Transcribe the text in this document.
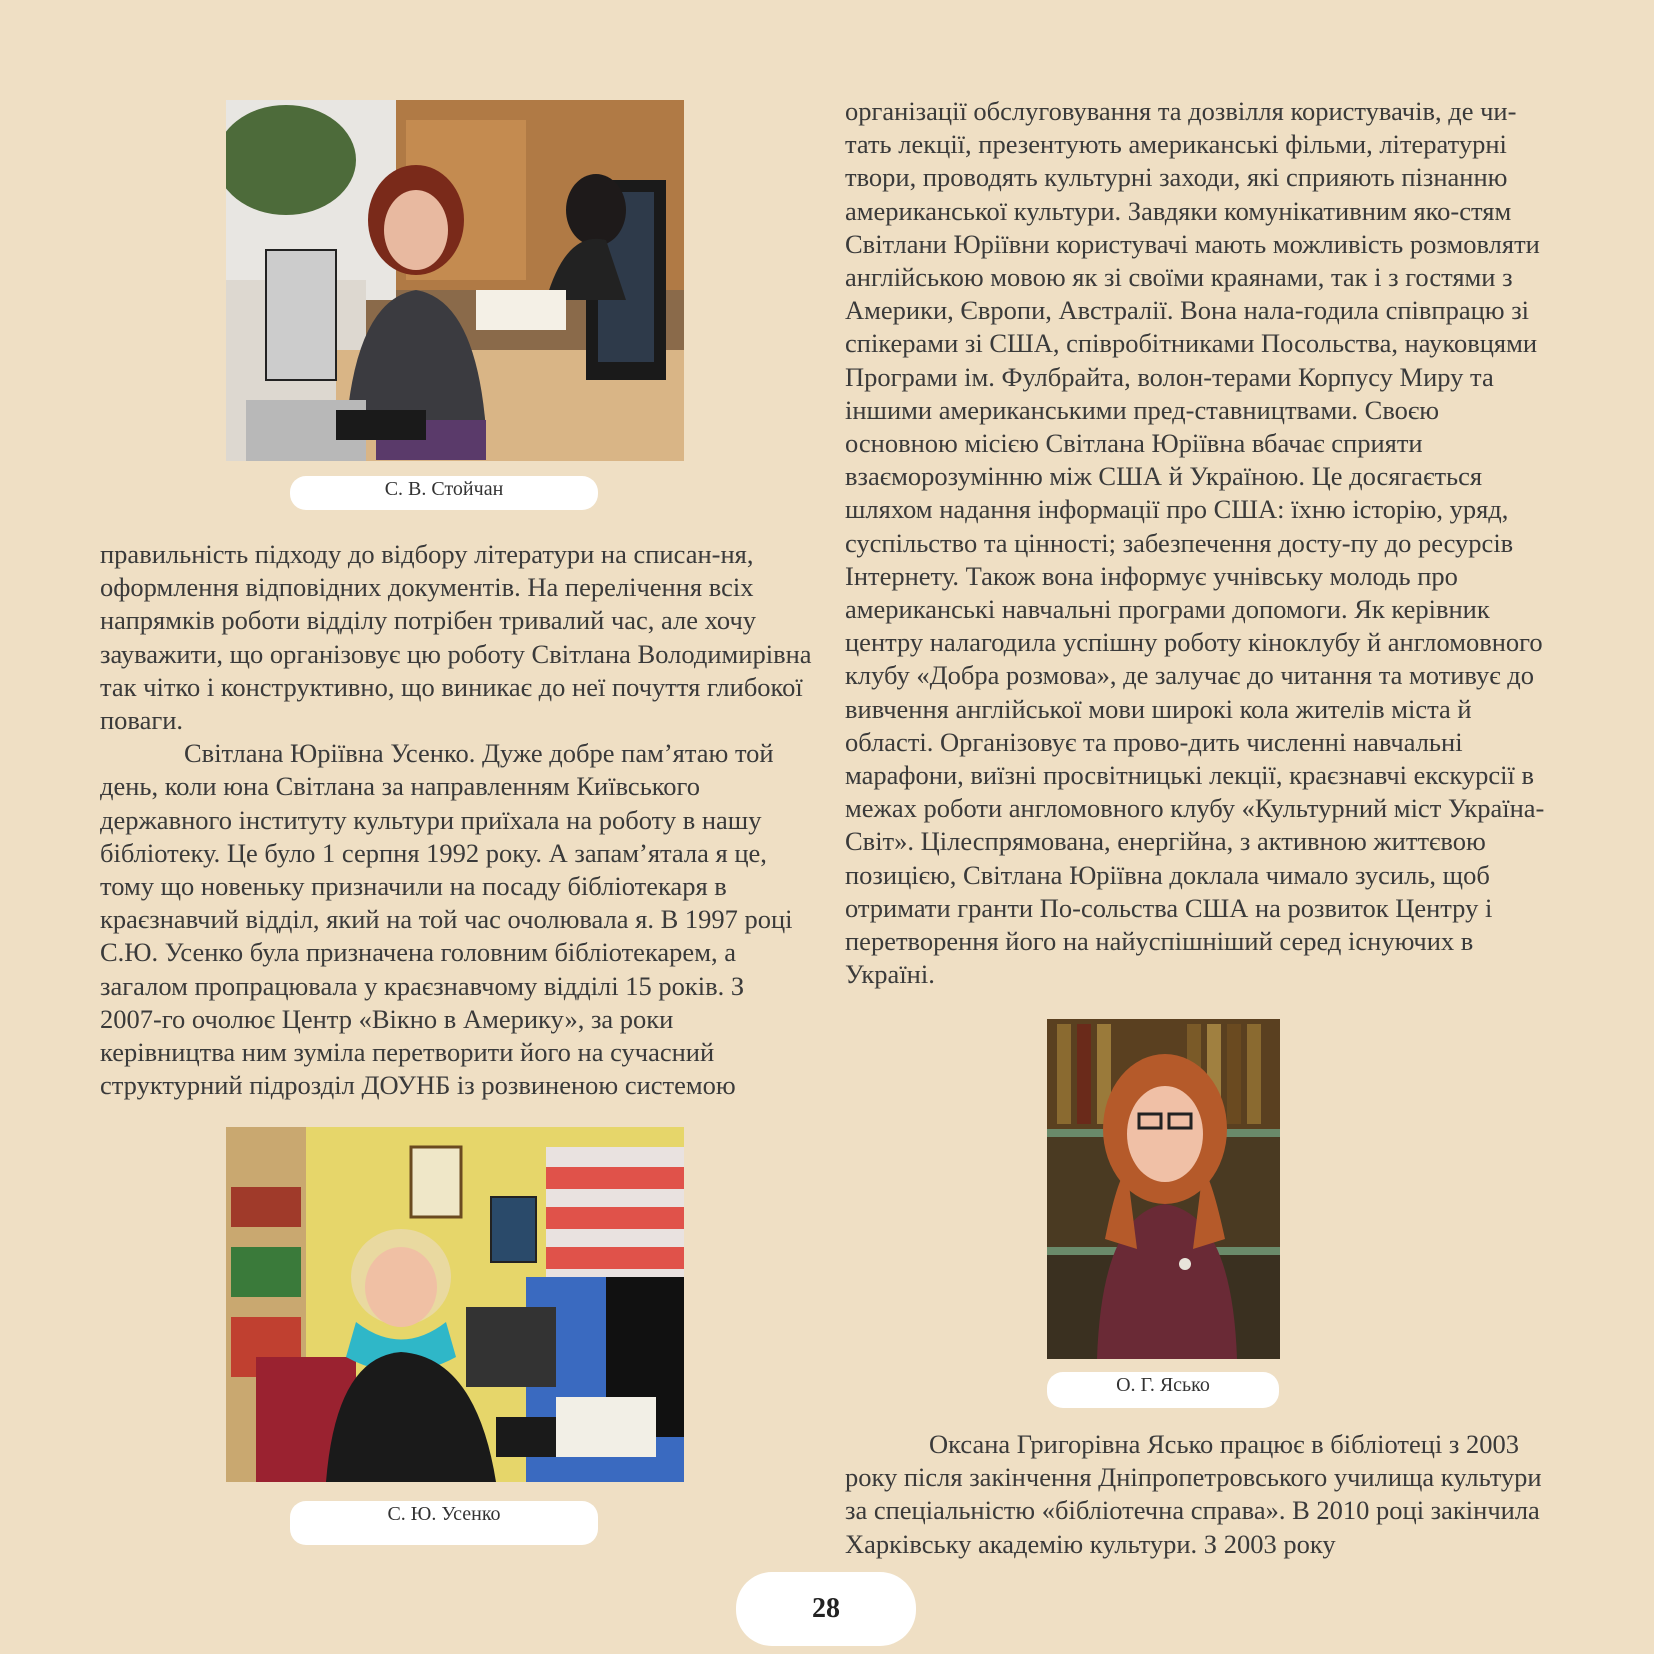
С. В. Стойчан
С. Ю. Усенко
О. Г. Ясько

правильність підходу до відбору літератури на списан-ня, оформлення відповідних документів. На перелічення всіх напрямків роботи відділу потрібен тривалий час, але хочу зауважити, що організовує цю роботу Світлана Володимирівна так чітко і конструктивно, що виникає до неї почуття глибокої поваги.

Світлана Юріївна Усенко. Дуже добре пам’ятаю той день, коли юна Світлана за направленням Київського державного інституту культури приїхала на роботу в нашу бібліотеку. Це було 1 серпня 1992 року. А запам’ятала я це, тому що новеньку призначили на посаду бібліотекаря в краєзнавчий відділ, який на той час очолювала я. В 1997 році С.Ю. Усенко була призначена головним бібліотекарем, а загалом пропрацювала у краєзнавчому відділі 15 років. З 2007-го очолює Центр «Вікно в Америку», за роки керівництва ним зуміла перетворити його на сучасний структурний підрозділ ДОУНБ із розвиненою системою

організації обслуговування та дозвілля користувачів, де чи-тать лекції, презентують американські фільми, літературні твори, проводять культурні заходи, які сприяють пізнанню американської культури. Завдяки комунікативним яко-стям Світлани Юріївни користувачі мають можливість розмовляти англійською мовою як зі своїми краянами, так і з гостями з Америки, Європи, Австралії. Вона нала-годила співпрацю зі спікерами зі США, співробітниками Посольства, науковцями Програми ім. Фулбрайта, волон-терами Корпусу Миру та іншими американськими пред-ставництвами. Своєю основною місією Світлана Юріївна вбачає сприяти взаєморозумінню між США й Україною. Це досягається шляхом надання інформації про США: їхню історію, уряд, суспільство та цінності; забезпечення досту-пу до ресурсів Інтернету. Також вона інформує учнівську молодь про американські навчальні програми допомоги. Як керівник центру налагодила успішну роботу кіноклубу й англомовного клубу «Добра розмова», де залучає до читання та мотивує до вивчення англійської мови широкі кола жителів міста й області. Організовує та прово-дить численні навчальні марафони, виїзні просвітницькі лекції, краєзнавчі екскурсії в межах роботи англомовного клубу «Культурний міст Україна-Світ». Цілеспрямована, енергійна, з активною життєвою позицією, Світлана Юріївна доклала чимало зусиль, щоб отримати гранти По-сольства США на розвиток Центру і перетворення його на найуспішніший серед існуючих в Україні.

Оксана Григорівна Ясько працює в бібліотеці з 2003 року після закінчення Дніпропетровського училища культури за спеціальністю «бібліотечна справа». В 2010 році закінчила Харківську академію культури. З 2003 року

28
